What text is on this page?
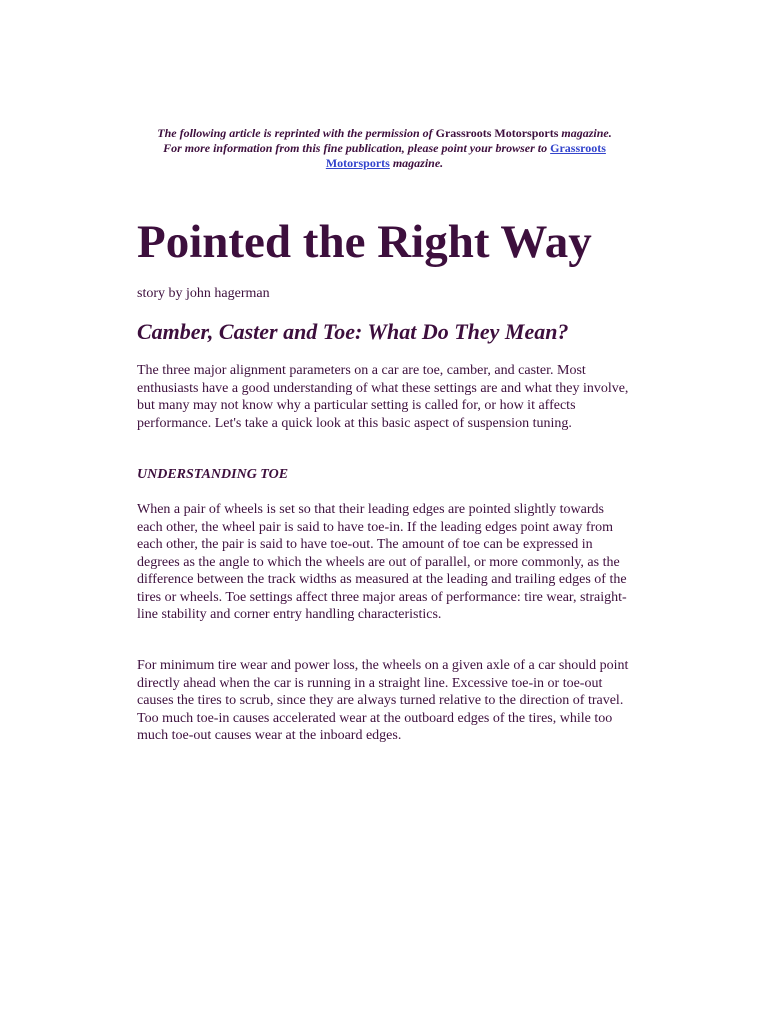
The following article is reprinted with the permission of Grassroots Motorsports magazine.
For more information from this fine publication, please point your browser to Grassroots Motorsports magazine.
Pointed the Right Way
story by john hagerman
Camber, Caster and Toe: What Do They Mean?

The three major alignment parameters on a car are toe, camber, and caster. Most enthusiasts have a good understanding of what these settings are and what they involve, but many may not know why a particular setting is called for, or how it affects performance. Let's take a quick look at this basic aspect of suspension tuning.

UNDERSTANDING TOE

When a pair of wheels is set so that their leading edges are pointed slightly towards each other, the wheel pair is said to have toe-in. If the leading edges point away from each other, the pair is said to have toe-out. The amount of toe can be expressed in degrees as the angle to which the wheels are out of parallel, or more commonly, as the difference between the track widths as measured at the leading and trailing edges of the tires or wheels. Toe settings affect three major areas of performance: tire wear, straight-line stability and corner entry handling characteristics.

For minimum tire wear and power loss, the wheels on a given axle of a car should point directly ahead when the car is running in a straight line. Excessive toe-in or toe-out causes the tires to scrub, since they are always turned relative to the direction of travel. Too much toe-in causes accelerated wear at the outboard edges of the tires, while too much toe-out causes wear at the inboard edges.
